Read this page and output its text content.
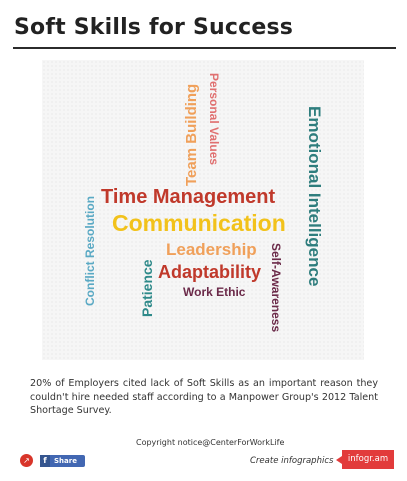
Soft Skills for Success
Time Management
Communication
Leadership
Adaptability
Work Ethic
Conflict Resolution	Patience
Team Building Personal Values	Emotional Intelligence
Self-Awareness
20% of Employers cited lack of Soft Skills as an important reason they couldn't hire needed staff according to a Manpower Group's 2012 Talent Shortage Survey.
Copyright notice@CenterForWorkLife
↗	f Share	Create infographics	infogr.am
